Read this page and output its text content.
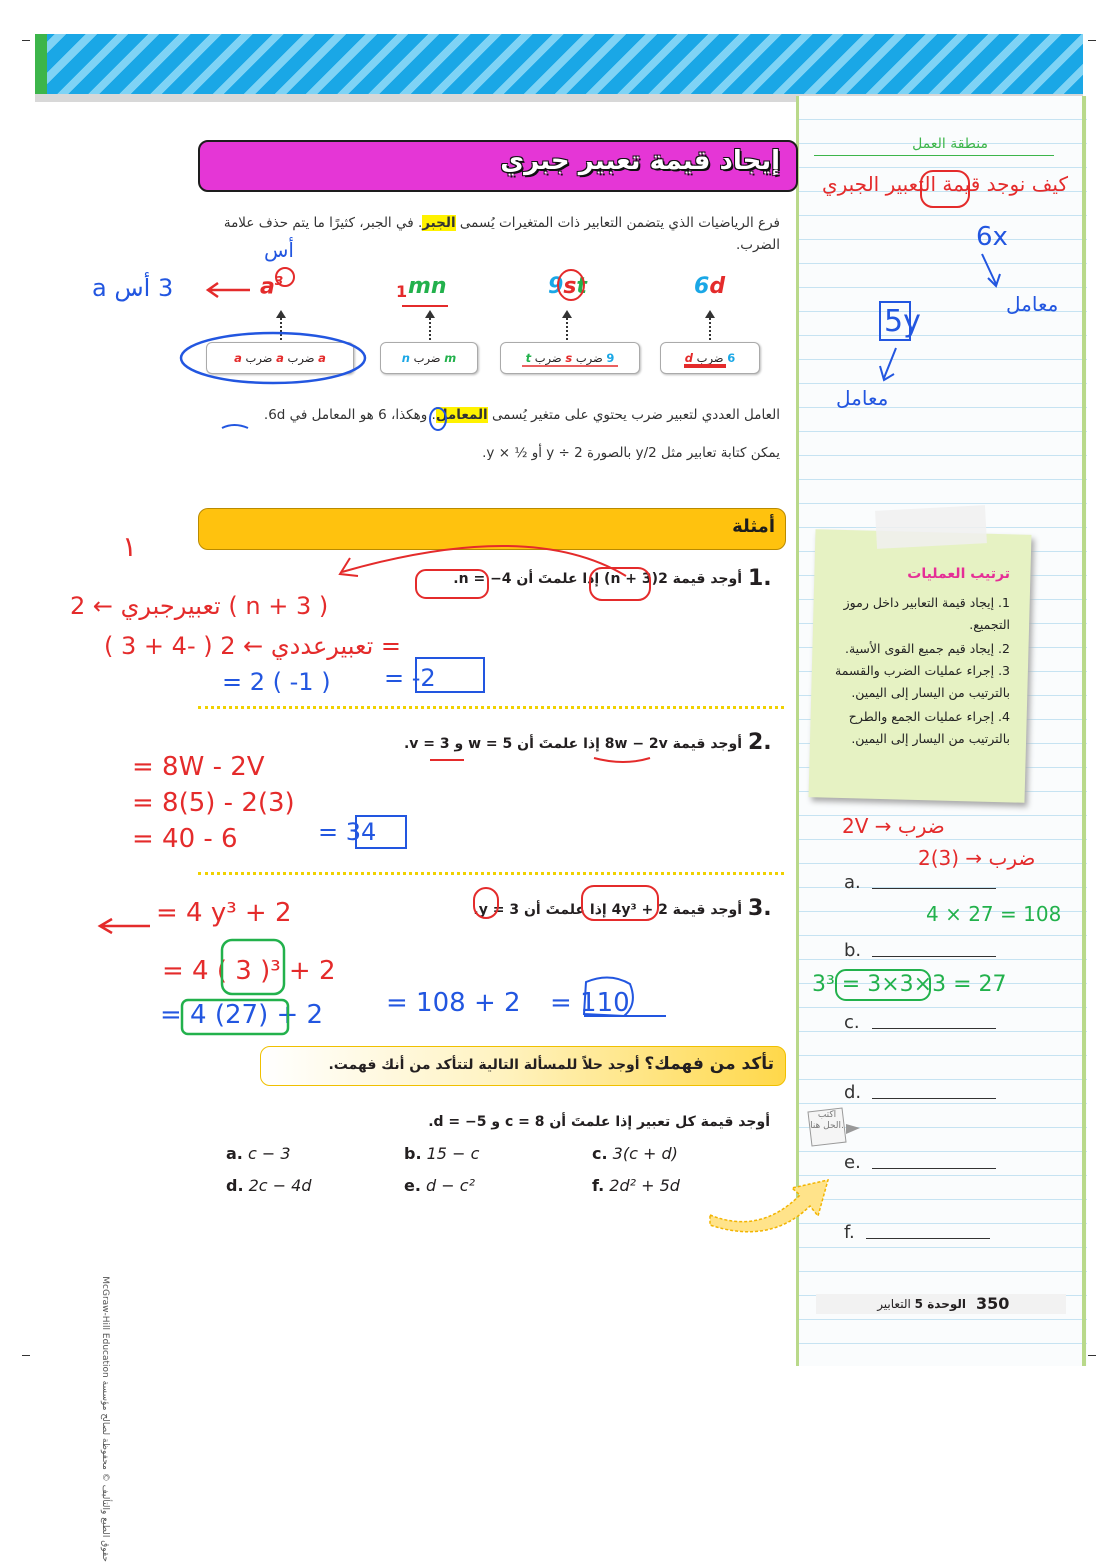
منطقة العمل
إيجاد قيمة تعبير جبري
فرع الرياضيات الذي يتضمن التعابير ذات المتغيرات يُسمى الجبر. في الجبر، كثيرًا ما يتم حذف علامة الضرب.
$a^3$	mn	9st	6d
a ضرب a ضرب a	m ضرب n	9 ضرب s ضرب t	6 ضرب d
العامل العددي لتعبير ضرب يحتوي على متغير يُسمى المعامل. وهكذا، 6 هو المعامل في 6d.
يمكن كتابة تعابير مثل y/2 بالصورة y ÷ 2 أو ½ × y.
أمثلة
1.
أوجد قيمة 2(n + 3) إذا علمتَ أن n = −4.
2.
أوجد قيمة 8w − 2v إذا علمتَ أن w = 5 و v = 3.
3.
أوجد قيمة 4y³ + 2 إذا علمتَ أن y = 3.
تأكد من فهمك؟ أوجد حلاً للمسألة التالية لتتأكد من أنك فهمت.
أوجد قيمة كل تعبير إذا علمتَ أن c = 8 و d = −5.
a. c − 3	b. 15 − c	c. 3(c + d)
d. 2c − 4d	e. d − c²	f. 2d² + 5d
اكتب الحل هنا.
ترتيب العمليات
1. إيجاد قيمة التعابير داخل رموز التجميع.
2. إيجاد قيم جميع القوى الأسية.
3. إجراء عمليات الضرب والقسمة بالترتيب من اليسار إلى اليمين.
4. إجراء عمليات الجمع والطرح بالترتيب من اليسار إلى اليمين.
a.
b.
c.
d.
e.
f.
350
الوحدة 5 التعابير
حقوق الطبع والتأليف © محفوظة لصالح مؤسسة McGraw-Hill Education
3 أس a
أس
1
١
تعبيرجبري ← 2 ( n + 3 )
تعبيرعددي ← 2 ( -4 + 3 ) =
= 2 ( -1 ) = -2
= 8W - 2V
= 8(5) - 2(3)
= 40 - 6	= 34
= 4 y³ + 2
= 4 ( 3 )³ + 2
= 4 (27) + 2 = 108 + 2 = 110
كيف نوجد قيمة التعبير الجبري
6x
معامل
5y
معامل
2V → ضرب
2(3) → ضرب
4 × 27 = 108
3³ = 3×3×3 = 27
